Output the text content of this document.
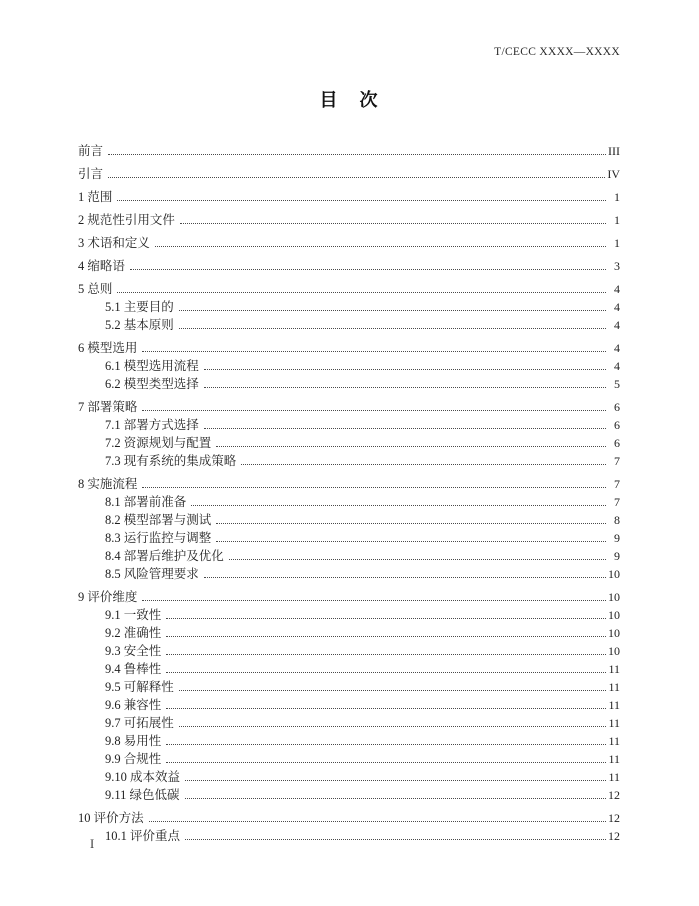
T/CECC XXXX—XXXX
目　次
前言	III
引言	IV
1 范围	1
2 规范性引用文件	1
3 术语和定义	1
4 缩略语	3
5 总则	4
5.1 主要目的	4
5.2 基本原则	4
6 模型选用	4
6.1 模型选用流程	4
6.2 模型类型选择	5
7 部署策略	6
7.1 部署方式选择	6
7.2 资源规划与配置	6
7.3 现有系统的集成策略	7
8 实施流程	7
8.1 部署前准备	7
8.2 模型部署与测试	8
8.3 运行监控与调整	9
8.4 部署后维护及优化	9
8.5 风险管理要求	10
9 评价维度	10
9.1 一致性	10
9.2 准确性	10
9.3 安全性	10
9.4 鲁棒性	11
9.5 可解释性	11
9.6 兼容性	11
9.7 可拓展性	11
9.8 易用性	11
9.9 合规性	11
9.10 成本效益	11
9.11 绿色低碳	12
10 评价方法	12
10.1 评价重点	12
I
